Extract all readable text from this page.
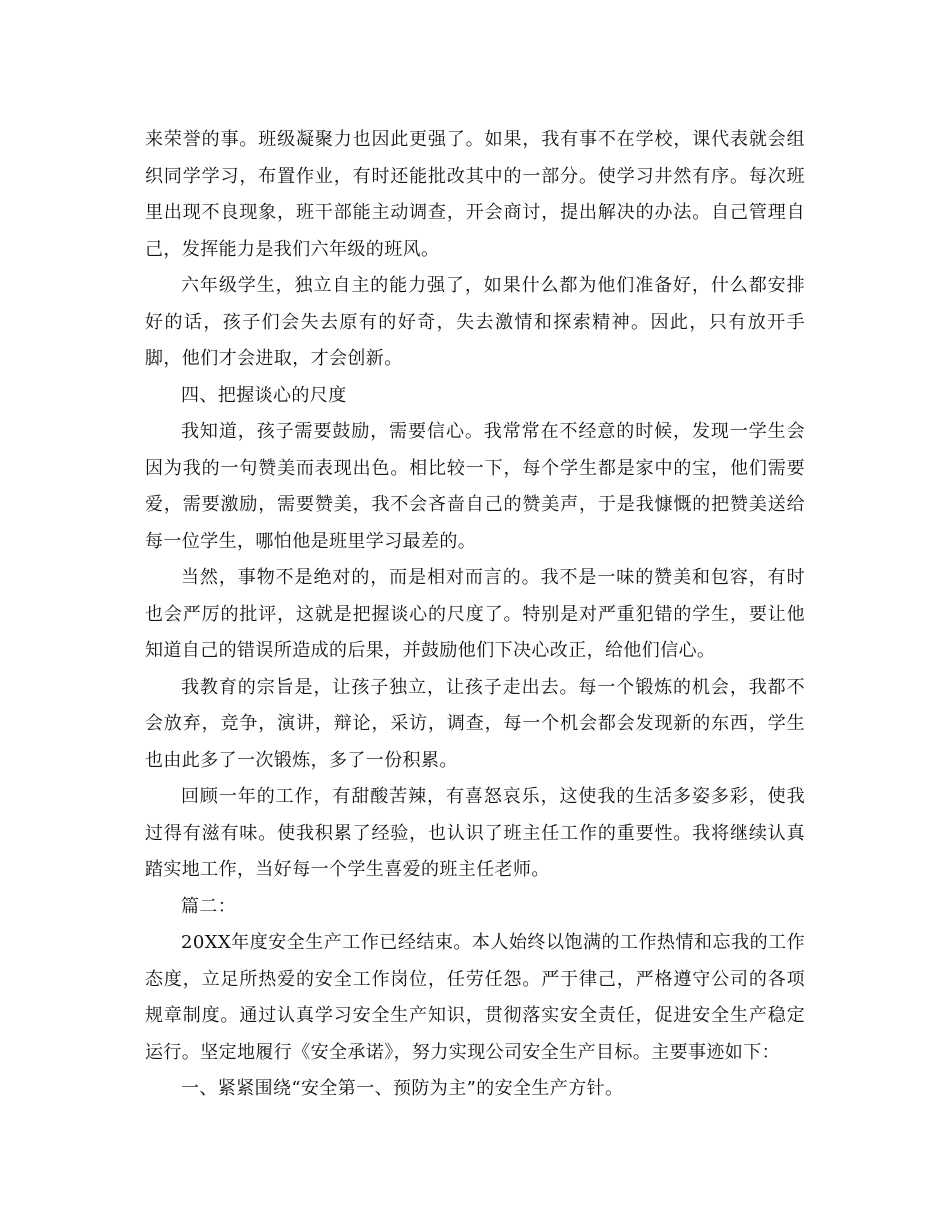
来荣誉的事。班级凝聚力也因此更强了。如果，我有事不在学校，课代表就会组织同学学习，布置作业，有时还能批改其中的一部分。使学习井然有序。每次班里出现不良现象，班干部能主动调查，开会商讨，提出解决的办法。自己管理自己，发挥能力是我们六年级的班风。

六年级学生，独立自主的能力强了，如果什么都为他们准备好，什么都安排好的话，孩子们会失去原有的好奇，失去激情和探索精神。因此，只有放开手脚，他们才会进取，才会创新。

四、把握谈心的尺度

我知道，孩子需要鼓励，需要信心。我常常在不经意的时候，发现一学生会因为我的一句赞美而表现出色。相比较一下，每个学生都是家中的宝，他们需要爱，需要激励，需要赞美，我不会吝啬自己的赞美声，于是我慷慨的把赞美送给每一位学生，哪怕他是班里学习最差的。

当然，事物不是绝对的，而是相对而言的。我不是一味的赞美和包容，有时也会严厉的批评，这就是把握谈心的尺度了。特别是对严重犯错的学生，要让他知道自己的错误所造成的后果，并鼓励他们下决心改正，给他们信心。

我教育的宗旨是，让孩子独立，让孩子走出去。每一个锻炼的机会，我都不会放弃，竞争，演讲，辩论，采访，调查，每一个机会都会发现新的东西，学生也由此多了一次锻炼，多了一份积累。

回顾一年的工作，有甜酸苦辣，有喜怒哀乐，这使我的生活多姿多彩，使我过得有滋有味。使我积累了经验，也认识了班主任工作的重要性。我将继续认真踏实地工作，当好每一个学生喜爱的班主任老师。

篇二：

20XX年度安全生产工作已经结束。本人始终以饱满的工作热情和忘我的工作态度，立足所热爱的安全工作岗位，任劳任怨。严于律己，严格遵守公司的各项规章制度。通过认真学习安全生产知识，贯彻落实安全责任，促进安全生产稳定运行。坚定地履行《安全承诺》，努力实现公司安全生产目标。主要事迹如下：

一、紧紧围绕“安全第一、预防为主”的安全生产方针。
